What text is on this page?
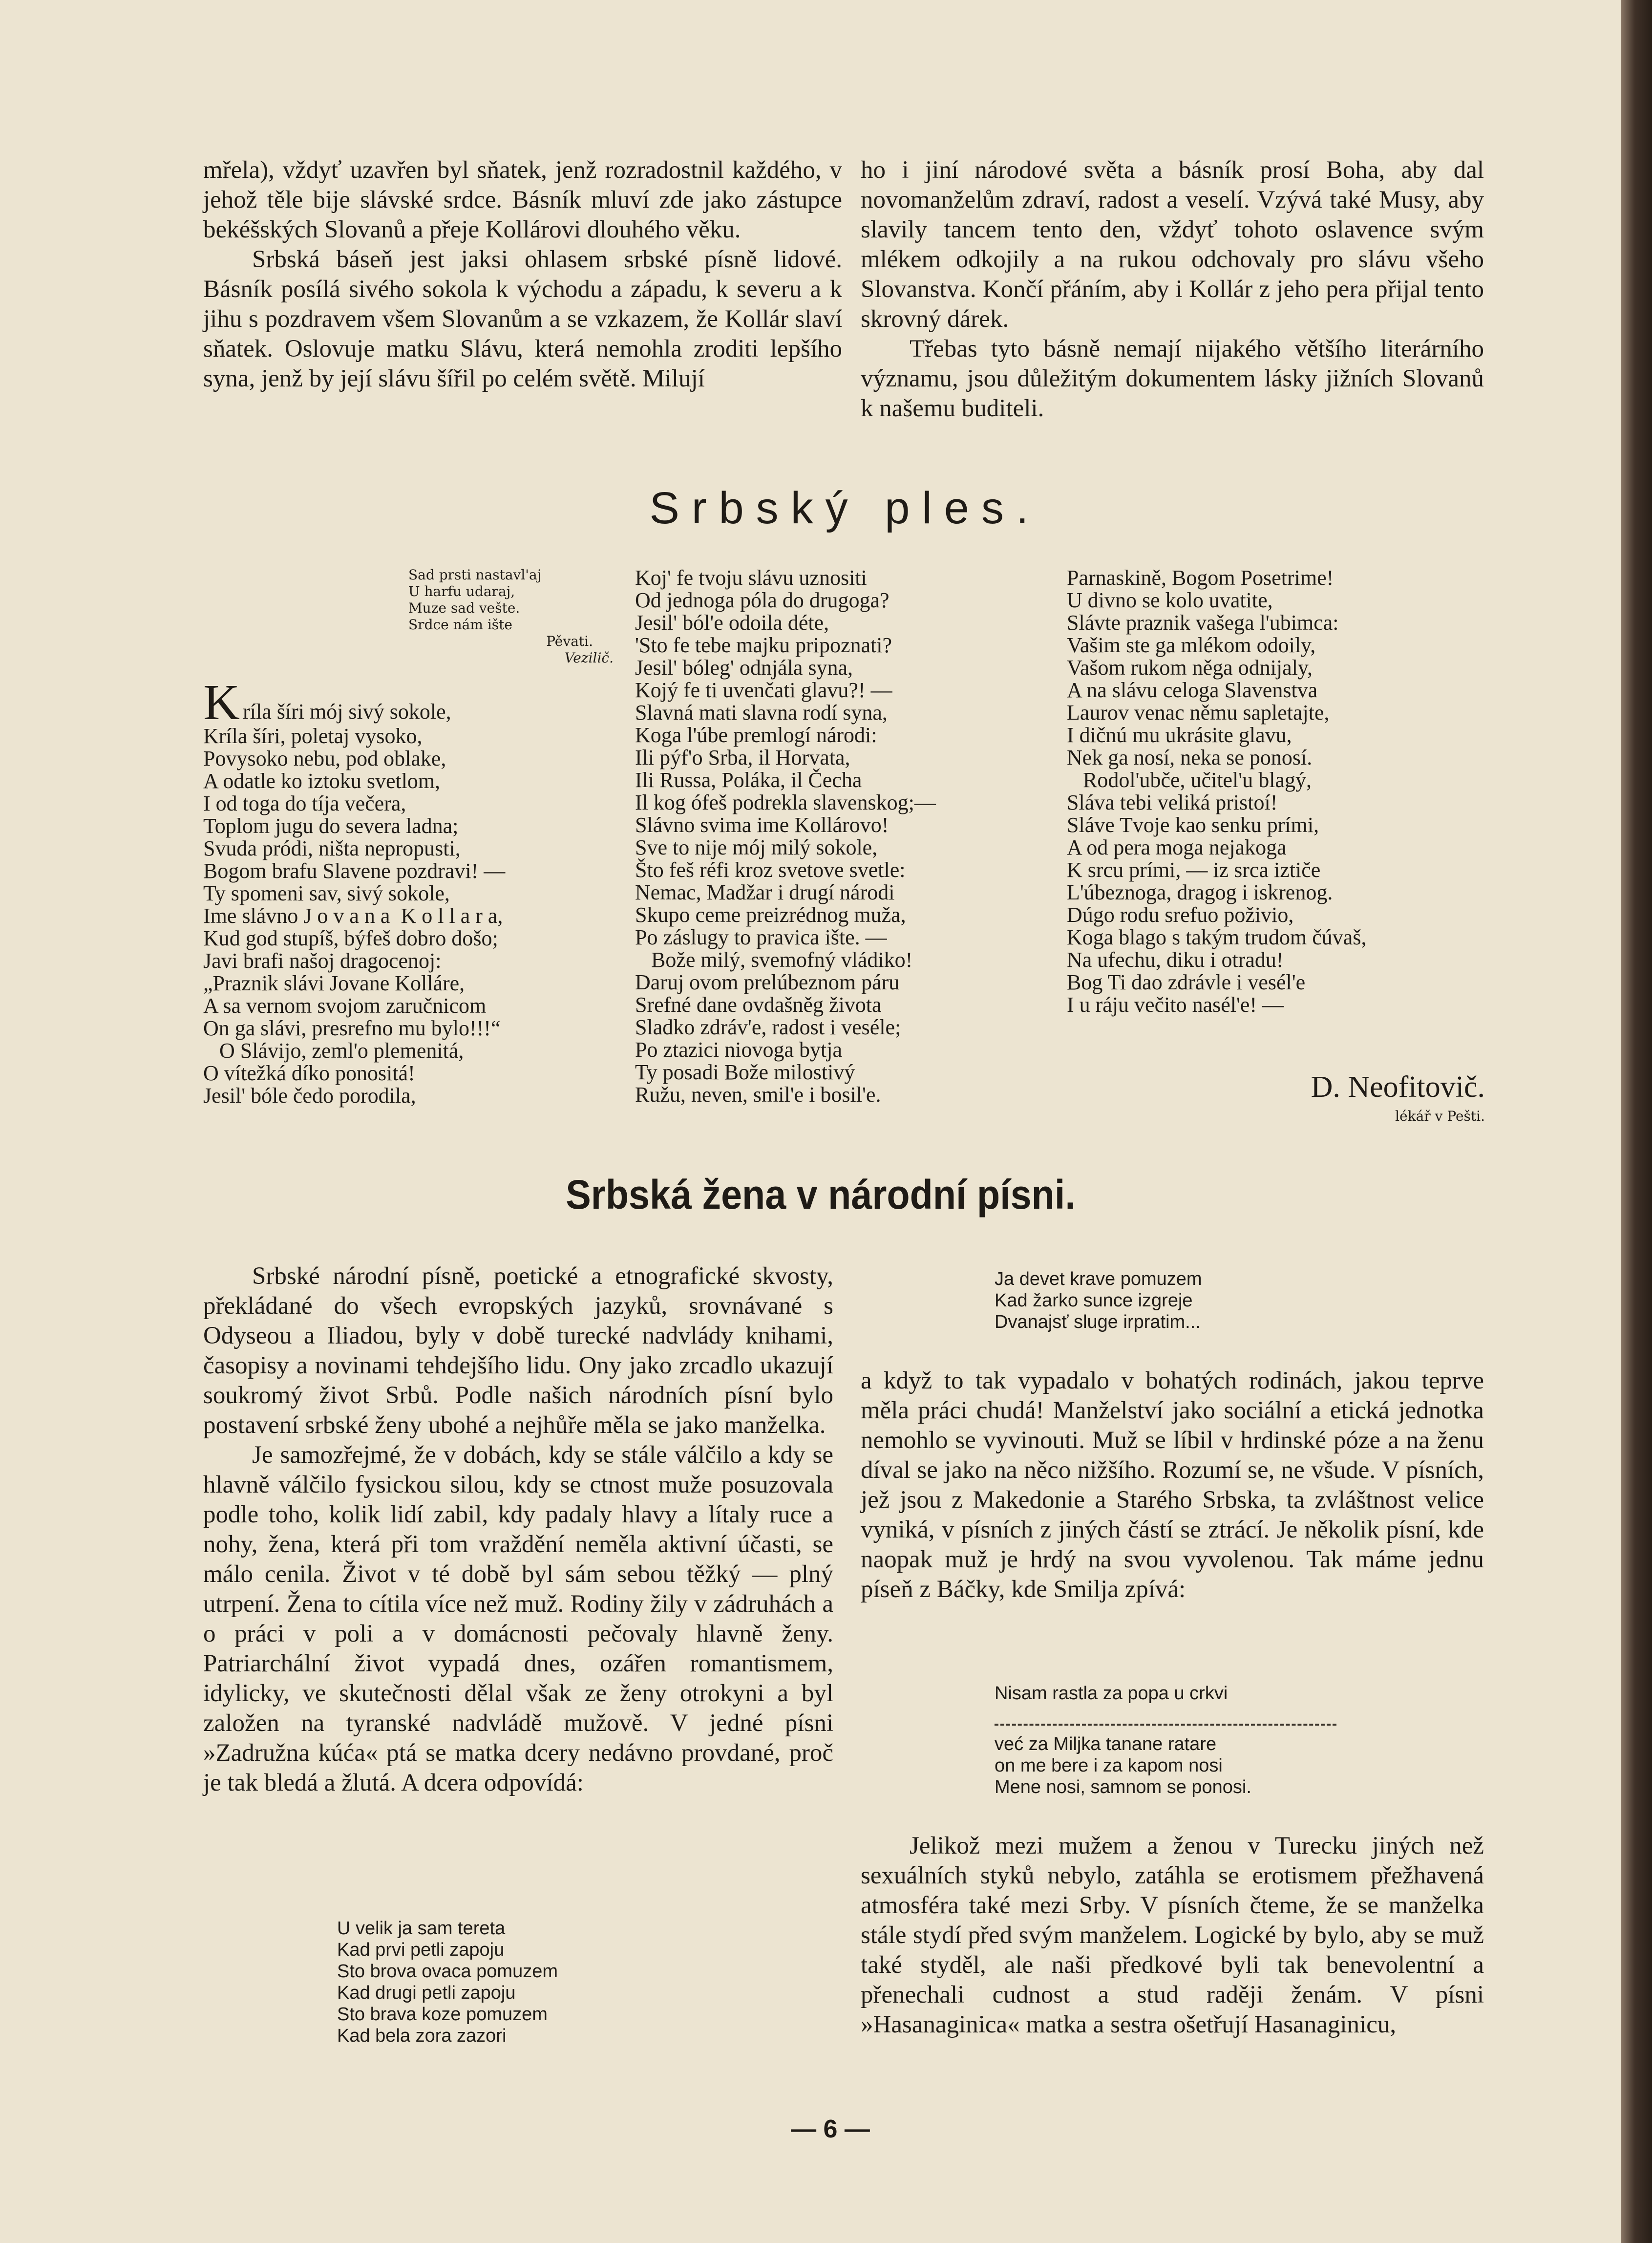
mřela), vždyť uzavřen byl sňatek, jenž rozradostnil každého, v jehož těle bije slávské srdce. Básník mluví zde jako zástupce bekéšských Slovanů a přeje Kollárovi dlouhého věku.

Srbská báseň jest jaksi ohlasem srbské písně lidové. Básník posílá sivého sokola k východu a západu, k severu a k jihu s pozdravem všem Slovanům a se vzkazem, že Kollár slaví sňatek. Oslovuje matku Slávu, která nemohla zroditi lepšího syna, jenž by její slávu šířil po celém světě. Milují

ho i jiní národové světa a básník prosí Boha, aby dal novomanželům zdraví, radost a veselí. Vzývá také Musy, aby slavily tancem tento den, vždyť tohoto oslavence svým mlékem odkojily a na rukou odchovaly pro slávu všeho Slovanstva. Končí přáním, aby i Kollár z jeho pera přijal tento skrovný dárek.

Třebas tyto básně nemají nijakého většího literárního významu, jsou důležitým dokumentem lásky jižních Slovanů k našemu buditeli.

Srbský ples.
Sad prsti nastavl'aj
U harfu udaraj,
Muze sad vešte.
Srdce nám ište
Pěvati.
Vezilič.
K ríla šíri mój sivý sokole,
Kríla šíri, poletaj vysoko,
Povysoko nebu, pod oblake,
A odatle ko iztoku svetlom,
I od toga do tíja večera,
Toplom jugu do severa ladna;
Svuda pródi, ništa nepropusti,
Bogom brafu Slavene pozdravi! —
Ty spomeni sav, sivý sokole,
Ime slávno J o v a n a  K o l l a r a,
Kud god stupíš, býfeš dobro došo;
Javi brafi našoj dragocenoj:
„Praznik slávi Jovane Kolláre,
A sa vernom svojom zaručnicom
On ga slávi, presrefno mu bylo!!!“
O Slávijo, zeml'o plemenitá,
O vítežká díko ponositá!
Jesil' bóle čedo porodila,
Koj' fe tvoju slávu uznositi
Od jednoga póla do drugoga?
Jesil' ból'e odoila déte,
'Sto fe tebe majku pripoznati?
Jesil' bóleg' odnjála syna,
Kojý fe ti uvenčati glavu?! —
Slavná mati slavna rodí syna,
Koga l'úbe premlogí národi:
Ili pýf'o Srba, il Horvata,
Ili Russa, Poláka, il Čecha
Il kog ófeš podrekla slavenskog;—
Slávno svima ime Kollárovo!
Sve to nije mój milý sokole,
Što feš réfi kroz svetove svetle:
Nemac, Madžar i drugí národi
Skupo ceme preizrédnog muža,
Po záslugy to pravica ište. —
Bože milý, svemofný vládiko!
Daruj ovom prelúbeznom páru
Srefné dane ovdašněg života
Sladko zdráv'e, radost i veséle;
Po ztazici niovoga bytja
Ty posadi Bože milostivý
Ružu, neven, smil'e i bosil'e.
Parnaskině, Bogom Posetrime!
U divno se kolo uvatite,
Slávte praznik vašega l'ubimca:
Vašim ste ga mlékom odoily,
Vašom rukom něga odnijaly,
A na slávu celoga Slavenstva
Laurov venac němu sapletajte,
I dičnú mu ukrásite glavu,
Nek ga nosí, neka se ponosí.
Rodol'ubče, učitel'u blagý,
Sláva tebi veliká pristoí!
Sláve Tvoje kao senku prími,
A od pera moga nejakoga
K srcu prími, — iz srca iztiče
L'úbeznoga, dragog i iskrenog.
Dúgo rodu srefuo poživio,
Koga blago s takým trudom čúvaš,
Na ufechu, diku i otradu!
Bog Ti dao zdrávle i vesél'e
I u ráju večito nasél'e! —
D. Neofitovič.
lékář v Pešti.
Srbská žena v národní písni.

Srbské národní písně, poetické a etnografické skvosty, překládané do všech evropských jazyků, srovnávané s Odyseou a Iliadou, byly v době turecké nadvlády knihami, časopisy a novinami tehdejšího lidu. Ony jako zrcadlo ukazují soukromý život Srbů. Podle našich národních písní bylo postavení srbské ženy ubohé a nejhůře měla se jako manželka.

Je samozřejmé, že v dobách, kdy se stále válčilo a kdy se hlavně válčilo fysickou silou, kdy se ctnost muže posuzovala podle toho, kolik lidí zabil, kdy padaly hlavy a lítaly ruce a nohy, žena, která při tom vraždění neměla aktivní účasti, se málo cenila. Život v té době byl sám sebou těžký — plný utrpení. Žena to cítila více než muž. Rodiny žily v zádruhách a o práci v poli a v domácnosti pečovaly hlavně ženy. Patriarchální život vypadá dnes, ozářen romantismem, idylicky, ve skutečnosti dělal však ze ženy otrokyni a byl založen na tyranské nadvládě mužově. V jedné písni »Zadružna kúća« ptá se matka dcery nedávno provdané, proč je tak bledá a žlutá. A dcera odpovídá:

U velik ja sam tereta
Kad prvi petli zapoju
Sto brova ovaca pomuzem
Kad drugi petli zapoju
Sto brava koze pomuzem
Kad bela zora zazori
Ja devet krave pomuzem
Kad žarko sunce izgreje
Dvanajsť sluge irpratim...

a když to tak vypadalo v bohatých rodinách, jakou teprve měla práci chudá! Manželství jako sociální a etická jednotka nemohlo se vyvinouti. Muž se líbil v hrdinské póze a na ženu díval se jako na něco nižšího. Rozumí se, ne všude. V písních, jež jsou z Makedonie a Starého Srbska, ta zvláštnost velice vyniká, v písních z jiných částí se ztrácí. Je několik písní, kde naopak muž je hrdý na svou vyvolenou. Tak máme jednu píseň z Báčky, kde Smilja zpívá:

Nisam rastla za popa u crkvi
već za Miljka tanane ratare
on me bere i za kapom nosi
Mene nosi, samnom se ponosi.

Jelikož mezi mužem a ženou v Turecku jiných než sexuálních styků nebylo, zatáhla se erotismem přežhavená atmosféra také mezi Srby. V písních čteme, že se manželka stále stydí před svým manželem. Logické by bylo, aby se muž také styděl, ale naši předkové byli tak benevolentní a přenechali cudnost a stud raději ženám. V písni »Hasanaginica« matka a sestra ošetřují Hasanaginicu,

— 6 —
